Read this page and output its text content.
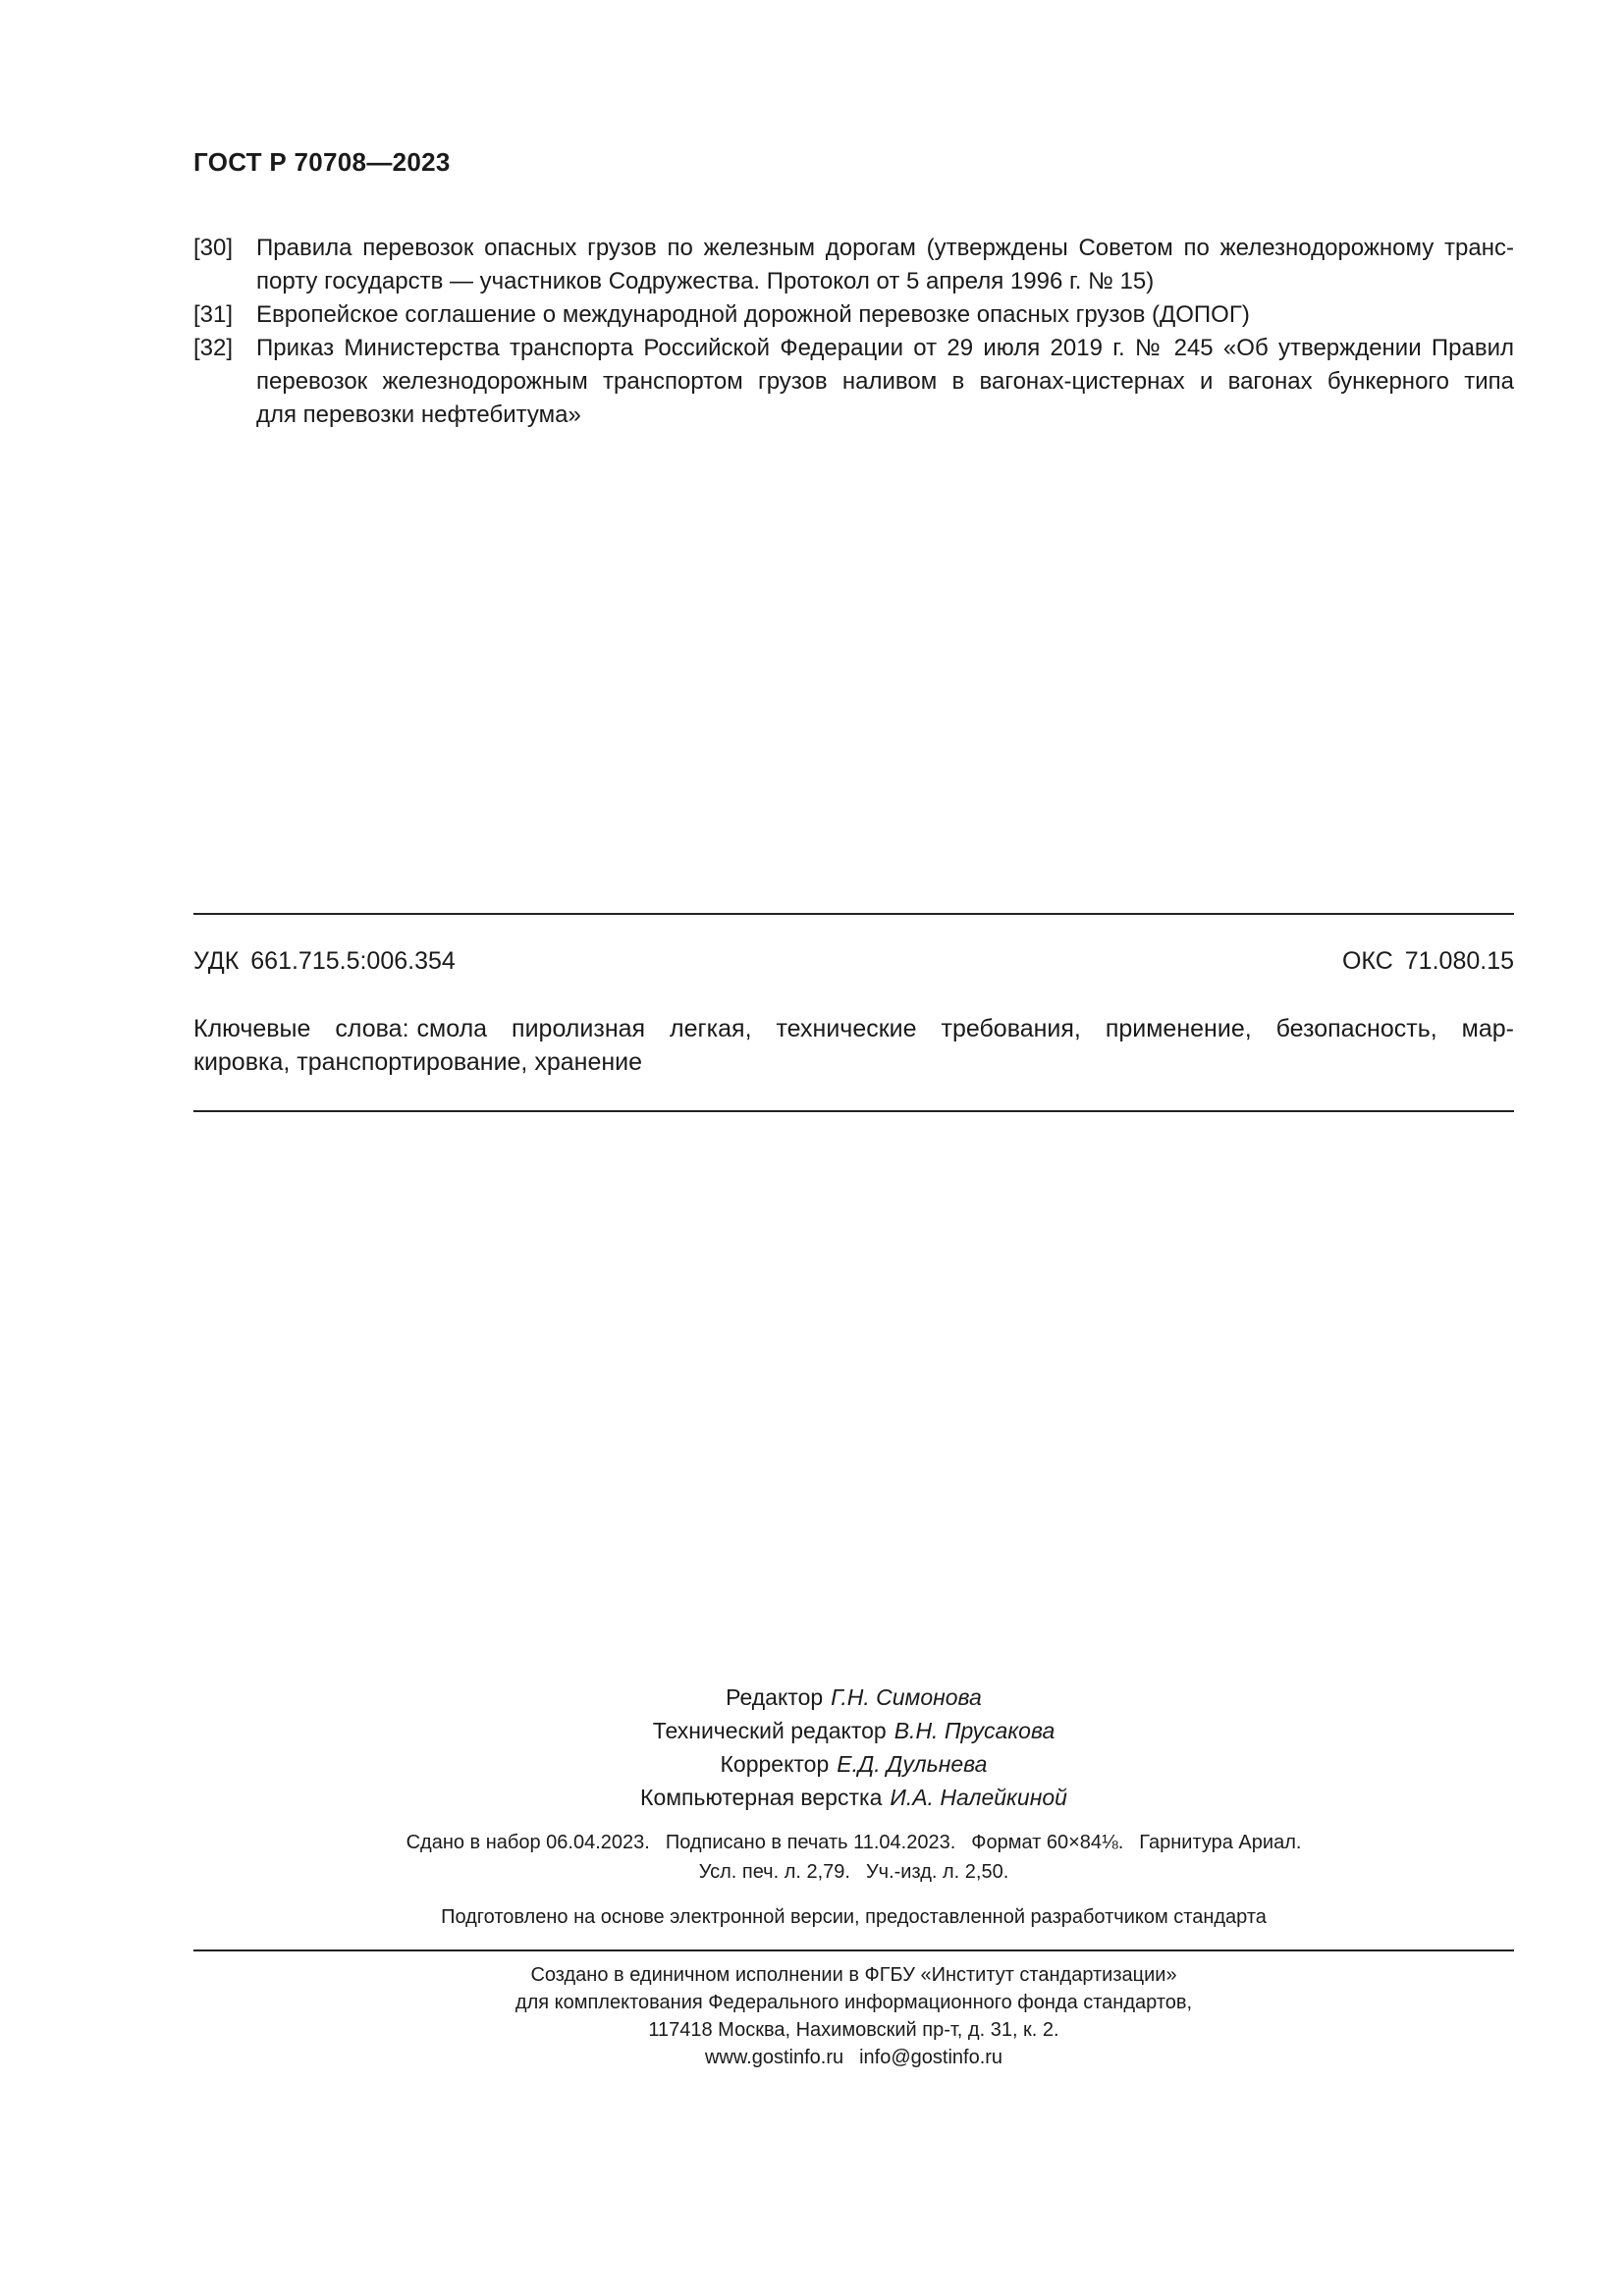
ГОСТ Р 70708—2023
[30] Правила перевозок опасных грузов по железным дорогам (утверждены Советом по железнодорожному транс-
порту государств — участников Содружества. Протокол от 5 апреля 1996 г. № 15)
[31] Европейское соглашение о международной дорожной перевозке опасных грузов (ДОПОГ)
[32] Приказ Министерства транспорта Российской Федерации от 29 июля 2019 г. № 245 «Об утверждении Правил
перевозок железнодорожным транспортом грузов наливом в вагонах-цистернах и вагонах бункерного типа
для перевозки нефтебитума»
УДК 661.715.5:006.354	ОКС 71.080.15
Ключевые слова: смола пиролизная легкая, технические требования, применение, безопасность, мар-
кировка, транспортирование, хранение
Редактор Г.Н. Симонова
Технический редактор В.Н. Прусакова
Корректор Е.Д. Дульнева
Компьютерная верстка И.А. Налейкиной
Сдано в набор 06.04.2023. Подписано в печать 11.04.2023. Формат 60×84⅛. Гарнитура Ариал.
Усл. печ. л. 2,79. Уч.-изд. л. 2,50.
Подготовлено на основе электронной версии, предоставленной разработчиком стандарта
Создано в единичном исполнении в ФГБУ «Институт стандартизации»
для комплектования Федерального информационного фонда стандартов,
117418 Москва, Нахимовский пр-т, д. 31, к. 2.
www.gostinfo.ru info@gostinfo.ru
